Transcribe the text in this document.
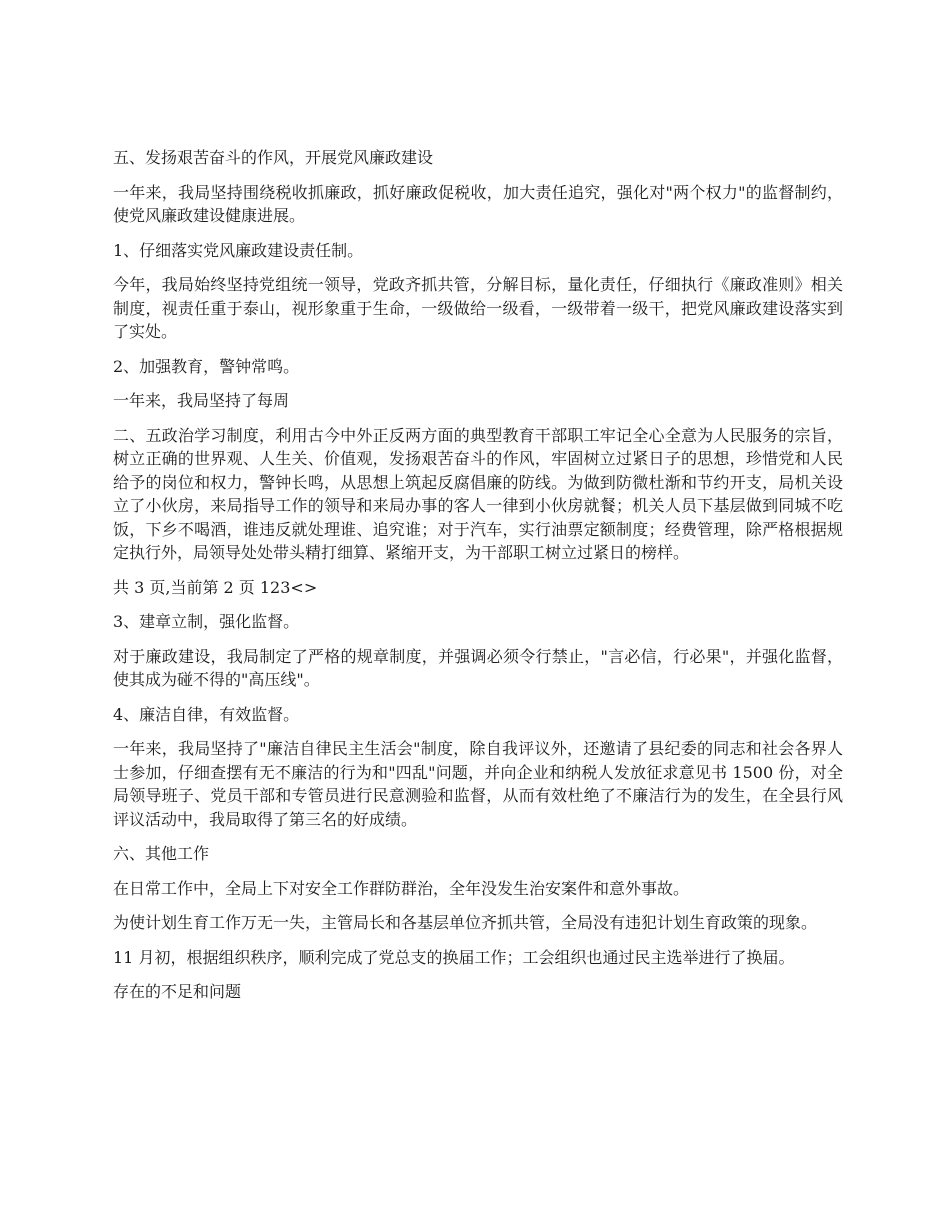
五、发扬艰苦奋斗的作风，开展党风廉政建设

一年来，我局坚持围绕税收抓廉政，抓好廉政促税收，加大责任追究，强化对"两个权力"的监督制约，使党风廉政建设健康进展。

1、仔细落实党风廉政建设责任制。

今年，我局始终坚持党组统一领导，党政齐抓共管，分解目标，量化责任，仔细执行《廉政准则》相关制度，视责任重于泰山，视形象重于生命，一级做给一级看，一级带着一级干，把党风廉政建设落实到了实处。

2、加强教育，警钟常鸣。

一年来，我局坚持了每周

二、五政治学习制度，利用古今中外正反两方面的典型教育干部职工牢记全心全意为人民服务的宗旨，树立正确的世界观、人生关、价值观，发扬艰苦奋斗的作风，牢固树立过紧日子的思想，珍惜党和人民给予的岗位和权力，警钟长鸣，从思想上筑起反腐倡廉的防线。为做到防微杜渐和节约开支，局机关设立了小伙房，来局指导工作的领导和来局办事的客人一律到小伙房就餐；机关人员下基层做到同城不吃饭，下乡不喝酒，谁违反就处理谁、追究谁；对于汽车，实行油票定额制度；经费管理，除严格根据规定执行外，局领导处处带头精打细算、紧缩开支，为干部职工树立过紧日的榜样。

共 3 页,当前第 2 页 123<>

3、建章立制，强化监督。

对于廉政建设，我局制定了严格的规章制度，并强调必须令行禁止，"言必信，行必果"，并强化监督，使其成为碰不得的"高压线"。

4、廉洁自律，有效监督。

一年来，我局坚持了"廉洁自律民主生活会"制度，除自我评议外，还邀请了县纪委的同志和社会各界人士参加，仔细查摆有无不廉洁的行为和"四乱"问题，并向企业和纳税人发放征求意见书 1500 份，对全局领导班子、党员干部和专管员进行民意测验和监督，从而有效杜绝了不廉洁行为的发生，在全县行风评议活动中，我局取得了第三名的好成绩。

六、其他工作

在日常工作中，全局上下对安全工作群防群治，全年没发生治安案件和意外事故。

为使计划生育工作万无一失，主管局长和各基层单位齐抓共管，全局没有违犯计划生育政策的现象。

11 月初，根据组织秩序，顺利完成了党总支的换届工作；工会组织也通过民主选举进行了换届。

存在的不足和问题
